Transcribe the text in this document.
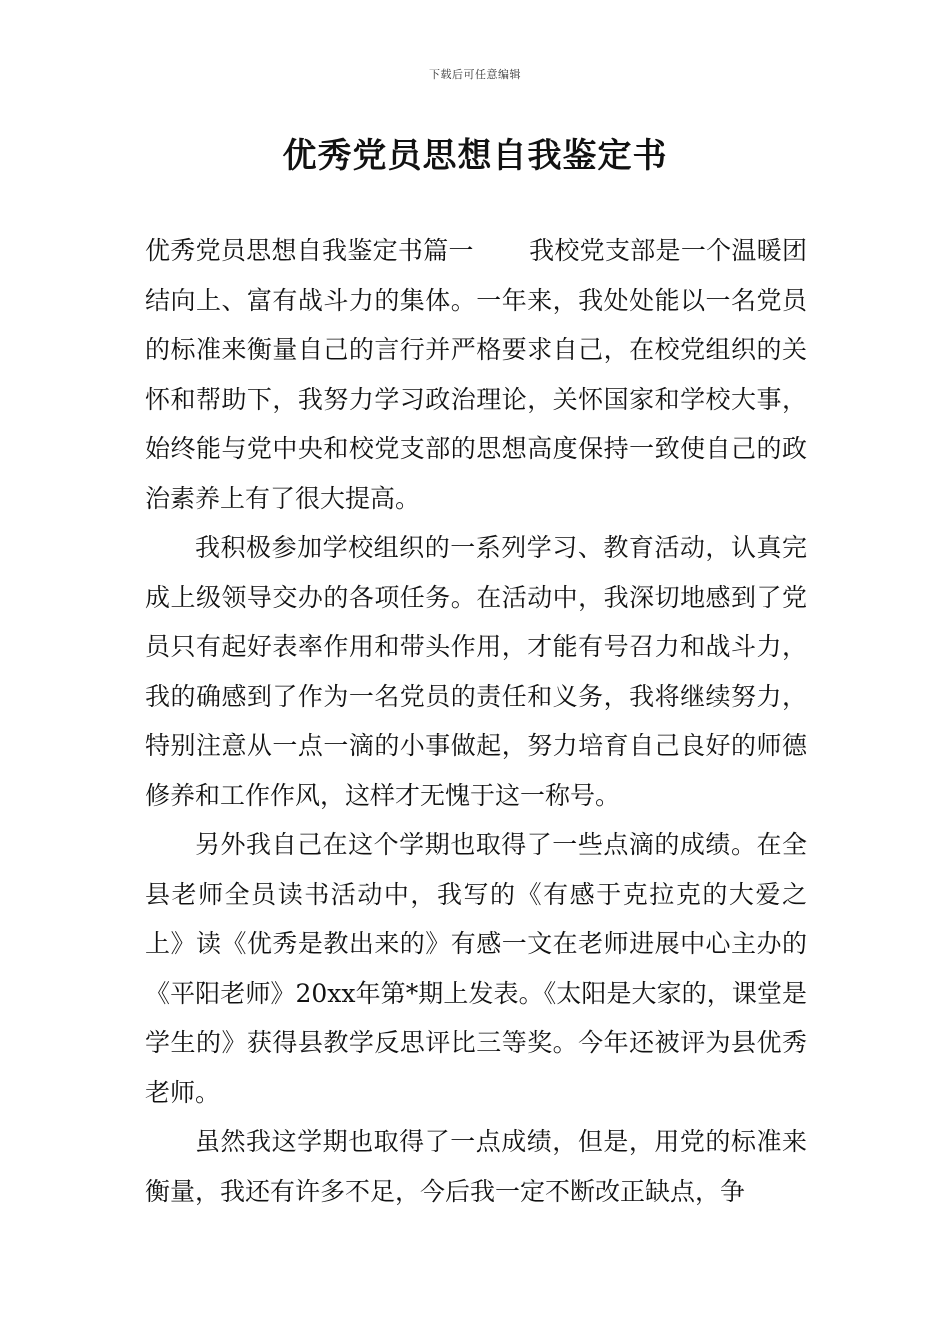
下载后可任意编辑
优秀党员思想自我鉴定书

优秀党员思想自我鉴定书篇一 我校党支部是一个温暖团结向上、富有战斗力的集体。一年来，我处处能以一名党员的标准来衡量自己的言行并严格要求自己，在校党组织的关怀和帮助下，我努力学习政治理论，关怀国家和学校大事，始终能与党中央和校党支部的思想高度保持一致使自己的政治素养上有了很大提高。

我积极参加学校组织的一系列学习、教育活动，认真完成上级领导交办的各项任务。在活动中，我深切地感到了党员只有起好表率作用和带头作用，才能有号召力和战斗力，我的确感到了作为一名党员的责任和义务，我将继续努力，特别注意从一点一滴的小事做起，努力培育自己良好的师德修养和工作作风，这样才无愧于这一称号。

另外我自己在这个学期也取得了一些点滴的成绩。在全县老师全员读书活动中，我写的《有感于克拉克的大爱之上》读《优秀是教出来的》有感一文在老师进展中心主办的《平阳老师》20xx年第*期上发表。《太阳是大家的，课堂是学生的》获得县教学反思评比三等奖。今年还被评为县优秀老师。

虽然我这学期也取得了一点成绩，但是，用党的标准来衡量，我还有许多不足，今后我一定不断改正缺点，争
